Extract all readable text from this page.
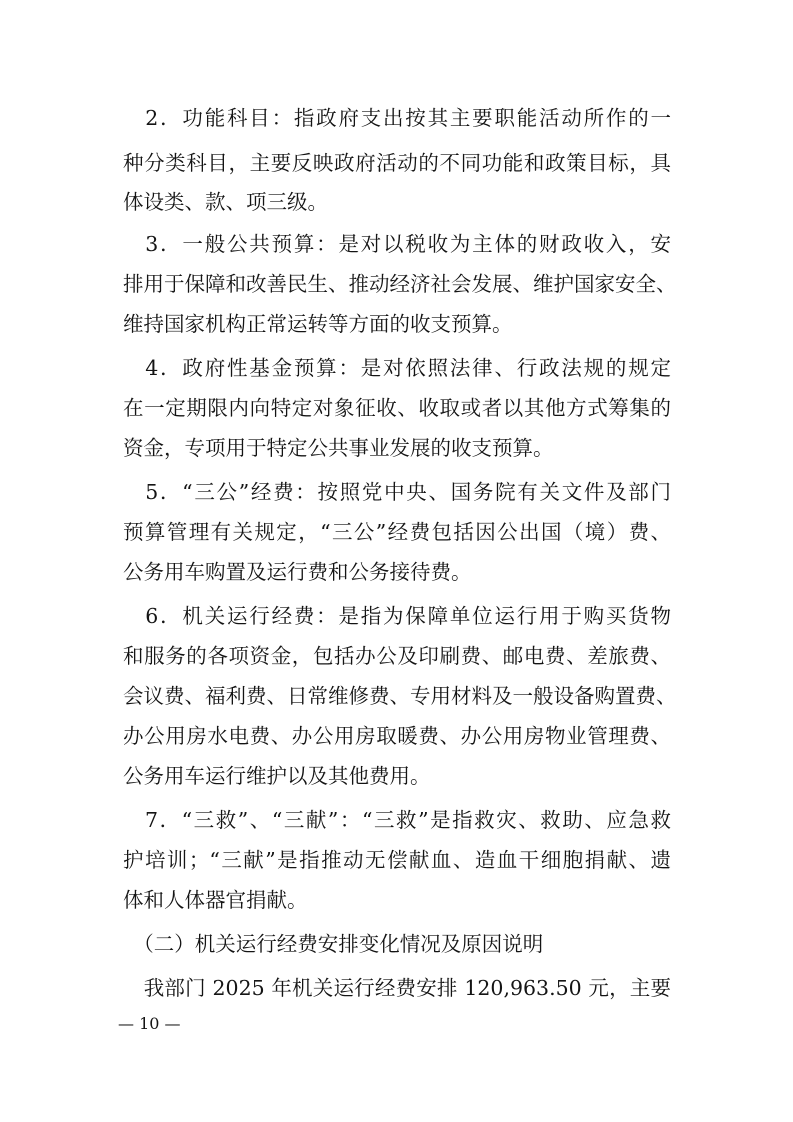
　2．功能科目：指政府支出按其主要职能活动所作的一
种分类科目，主要反映政府活动的不同功能和政策目标，具
体设类、款、项三级。
　3．一般公共预算：是对以税收为主体的财政收入，安
排用于保障和改善民生、推动经济社会发展、维护国家安全、
维持国家机构正常运转等方面的收支预算。
　4．政府性基金预算：是对依照法律、行政法规的规定
在一定期限内向特定对象征收、收取或者以其他方式筹集的
资金，专项用于特定公共事业发展的收支预算。
　5．“三公”经费：按照党中央、国务院有关文件及部门
预算管理有关规定，“三公”经费包括因公出国（境）费、
公务用车购置及运行费和公务接待费。
　6．机关运行经费：是指为保障单位运行用于购买货物
和服务的各项资金，包括办公及印刷费、邮电费、差旅费、
会议费、福利费、日常维修费、专用材料及一般设备购置费、
办公用房水电费、办公用房取暖费、办公用房物业管理费、
公务用车运行维护以及其他费用。
　7．“三救”、“三献”：“三救”是指救灾、救助、应急救
护培训；“三献”是指推动无偿献血、造血干细胞捐献、遗
体和人体器官捐献。
　（二）机关运行经费安排变化情况及原因说明
　我部门 2025 年机关运行经费安排 120,963.50 元，主要
— 10 —
